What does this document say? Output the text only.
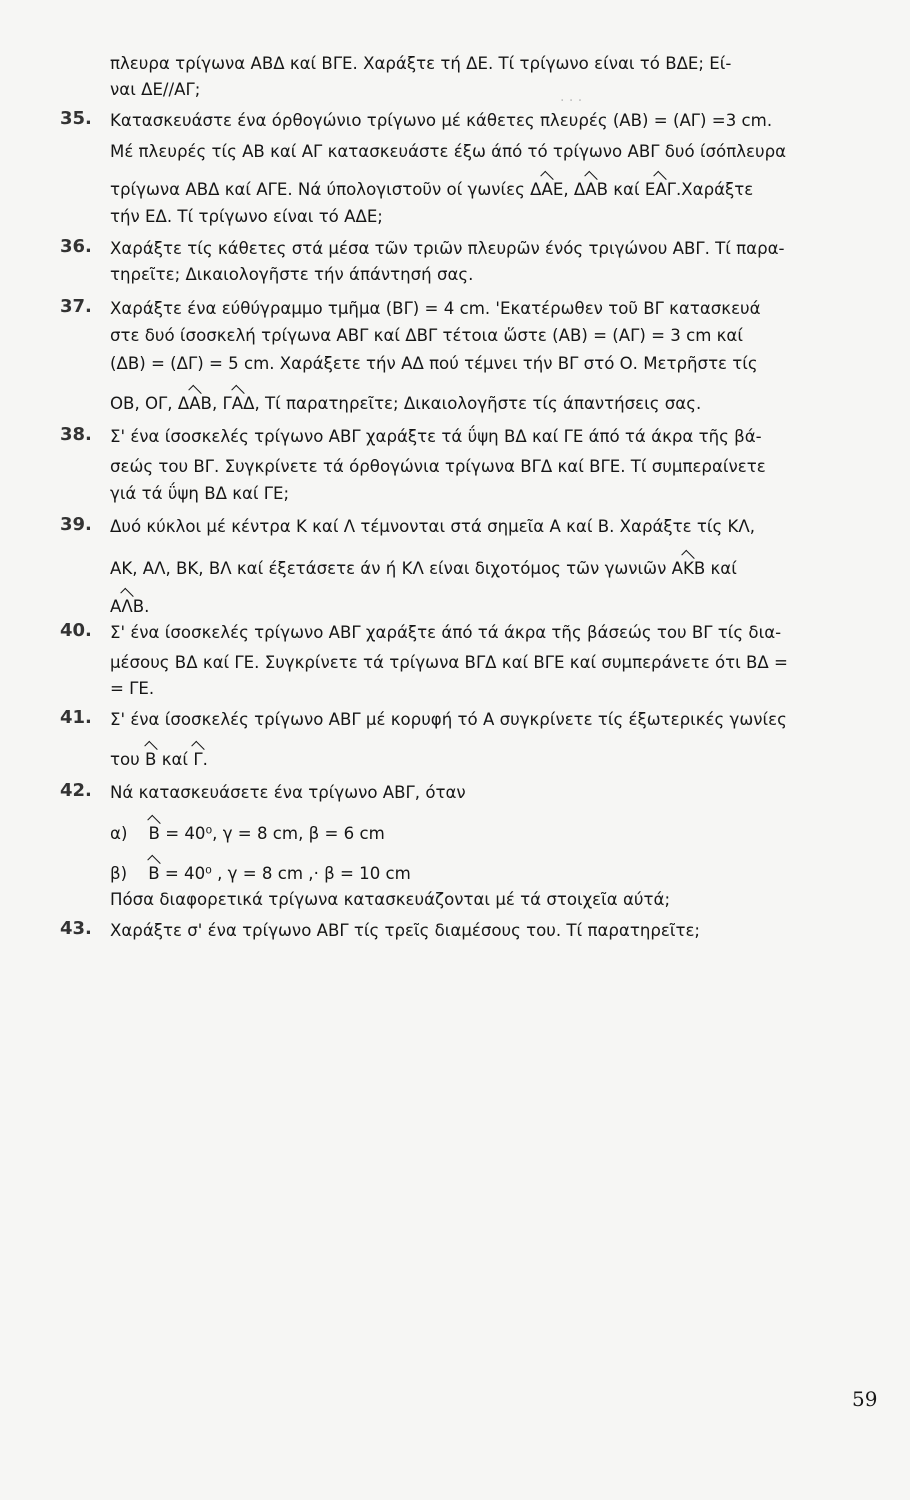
· · ·
πλευρα τρίγωνα ΑΒΔ καί ΒΓΕ. Χαράξτε τή ΔΕ. Τί τρίγωνο είναι τό ΒΔΕ; Εί-
ναι ΔΕ//ΑΓ;
35. Κατασκευάστε ένα όρθογώνιο τρίγωνο μέ κάθετες πλευρές (ΑΒ) = (ΑΓ) =3 cm.
Μέ πλευρές τίς ΑΒ καί ΑΓ κατασκευάστε έξω άπό τό τρίγωνο ΑΒΓ δυό ίσόπλευρα
τρίγωνα ΑΒΔ καί ΑΓΕ. Νά ύπολογιστοῦν οί γωνίες ΔΑΕ, ΔΑΒ καί ΕΑΓ.Χαράξτε
τήν ΕΔ. Τί τρίγωνο είναι τό ΑΔΕ;
36. Χαράξτε τίς κάθετες στά μέσα τῶν τριῶν πλευρῶν ένός τριγώνου ΑΒΓ. Τί παρα-
τηρεῖτε; Δικαιολογῆστε τήν άπάντησή σας.
37. Χαράξτε ένα εύθύγραμμο τμῆμα (ΒΓ) = 4 cm. 'Εκατέρωθεν τοῦ ΒΓ κατασκευά
στε δυό ίσοσκελή τρίγωνα ΑΒΓ καί ΔΒΓ τέτοια ὥστε (ΑΒ) = (ΑΓ) = 3 cm καί
(ΔΒ) = (ΔΓ) = 5 cm. Χαράξετε τήν ΑΔ πού τέμνει τήν ΒΓ στό Ο. Μετρῆστε τίς
ΟΒ, ΟΓ, ΔΑΒ, ΓΑΔ, Τί παρατηρεῖτε; Δικαιολογῆστε τίς άπαντήσεις σας.
38. Σ' ένα ίσοσκελές τρίγωνο ΑΒΓ χαράξτε τά ΰψη ΒΔ καί ΓΕ άπό τά άκρα τῆς βά-
σεώς του ΒΓ. Συγκρίνετε τά όρθογώνια τρίγωνα ΒΓΔ καί ΒΓΕ. Τί συμπεραίνετε
γιά τά ΰψη ΒΔ καί ΓΕ;
39. Δυό κύκλοι μέ κέντρα Κ καί Λ τέμνονται στά σημεῖα Α καί Β. Χαράξτε τίς ΚΛ,
ΑΚ, ΑΛ, ΒΚ, ΒΛ καί έξετάσετε άν ή ΚΛ είναι διχοτόμος τῶν γωνιῶν ΑΚΒ καί
ΑΛΒ.
40. Σ' ένα ίσοσκελές τρίγωνο ΑΒΓ χαράξτε άπό τά άκρα τῆς βάσεώς του ΒΓ τίς δια-
μέσους ΒΔ καί ΓΕ. Συγκρίνετε τά τρίγωνα ΒΓΔ καί ΒΓΕ καί συμπεράνετε ότι ΒΔ =
= ΓΕ.
41. Σ' ένα ίσοσκελές τρίγωνο ΑΒΓ μέ κορυφή τό Α συγκρίνετε τίς έξωτερικές γωνίες
του Β καί Γ.
42. Νά κατασκευάσετε ένα τρίγωνο ΑΒΓ, όταν
α) Β = 40⁰, γ = 8 cm, β = 6 cm
β) Β = 40⁰ , γ = 8 cm ,· β = 10 cm
Πόσα διαφορετικά τρίγωνα κατασκευάζονται μέ τά στοιχεῖα αύτά;
43. Χαράξτε σ' ένα τρίγωνο ΑΒΓ τίς τρεῖς διαμέσους του. Τί παρατηρεῖτε;
59
